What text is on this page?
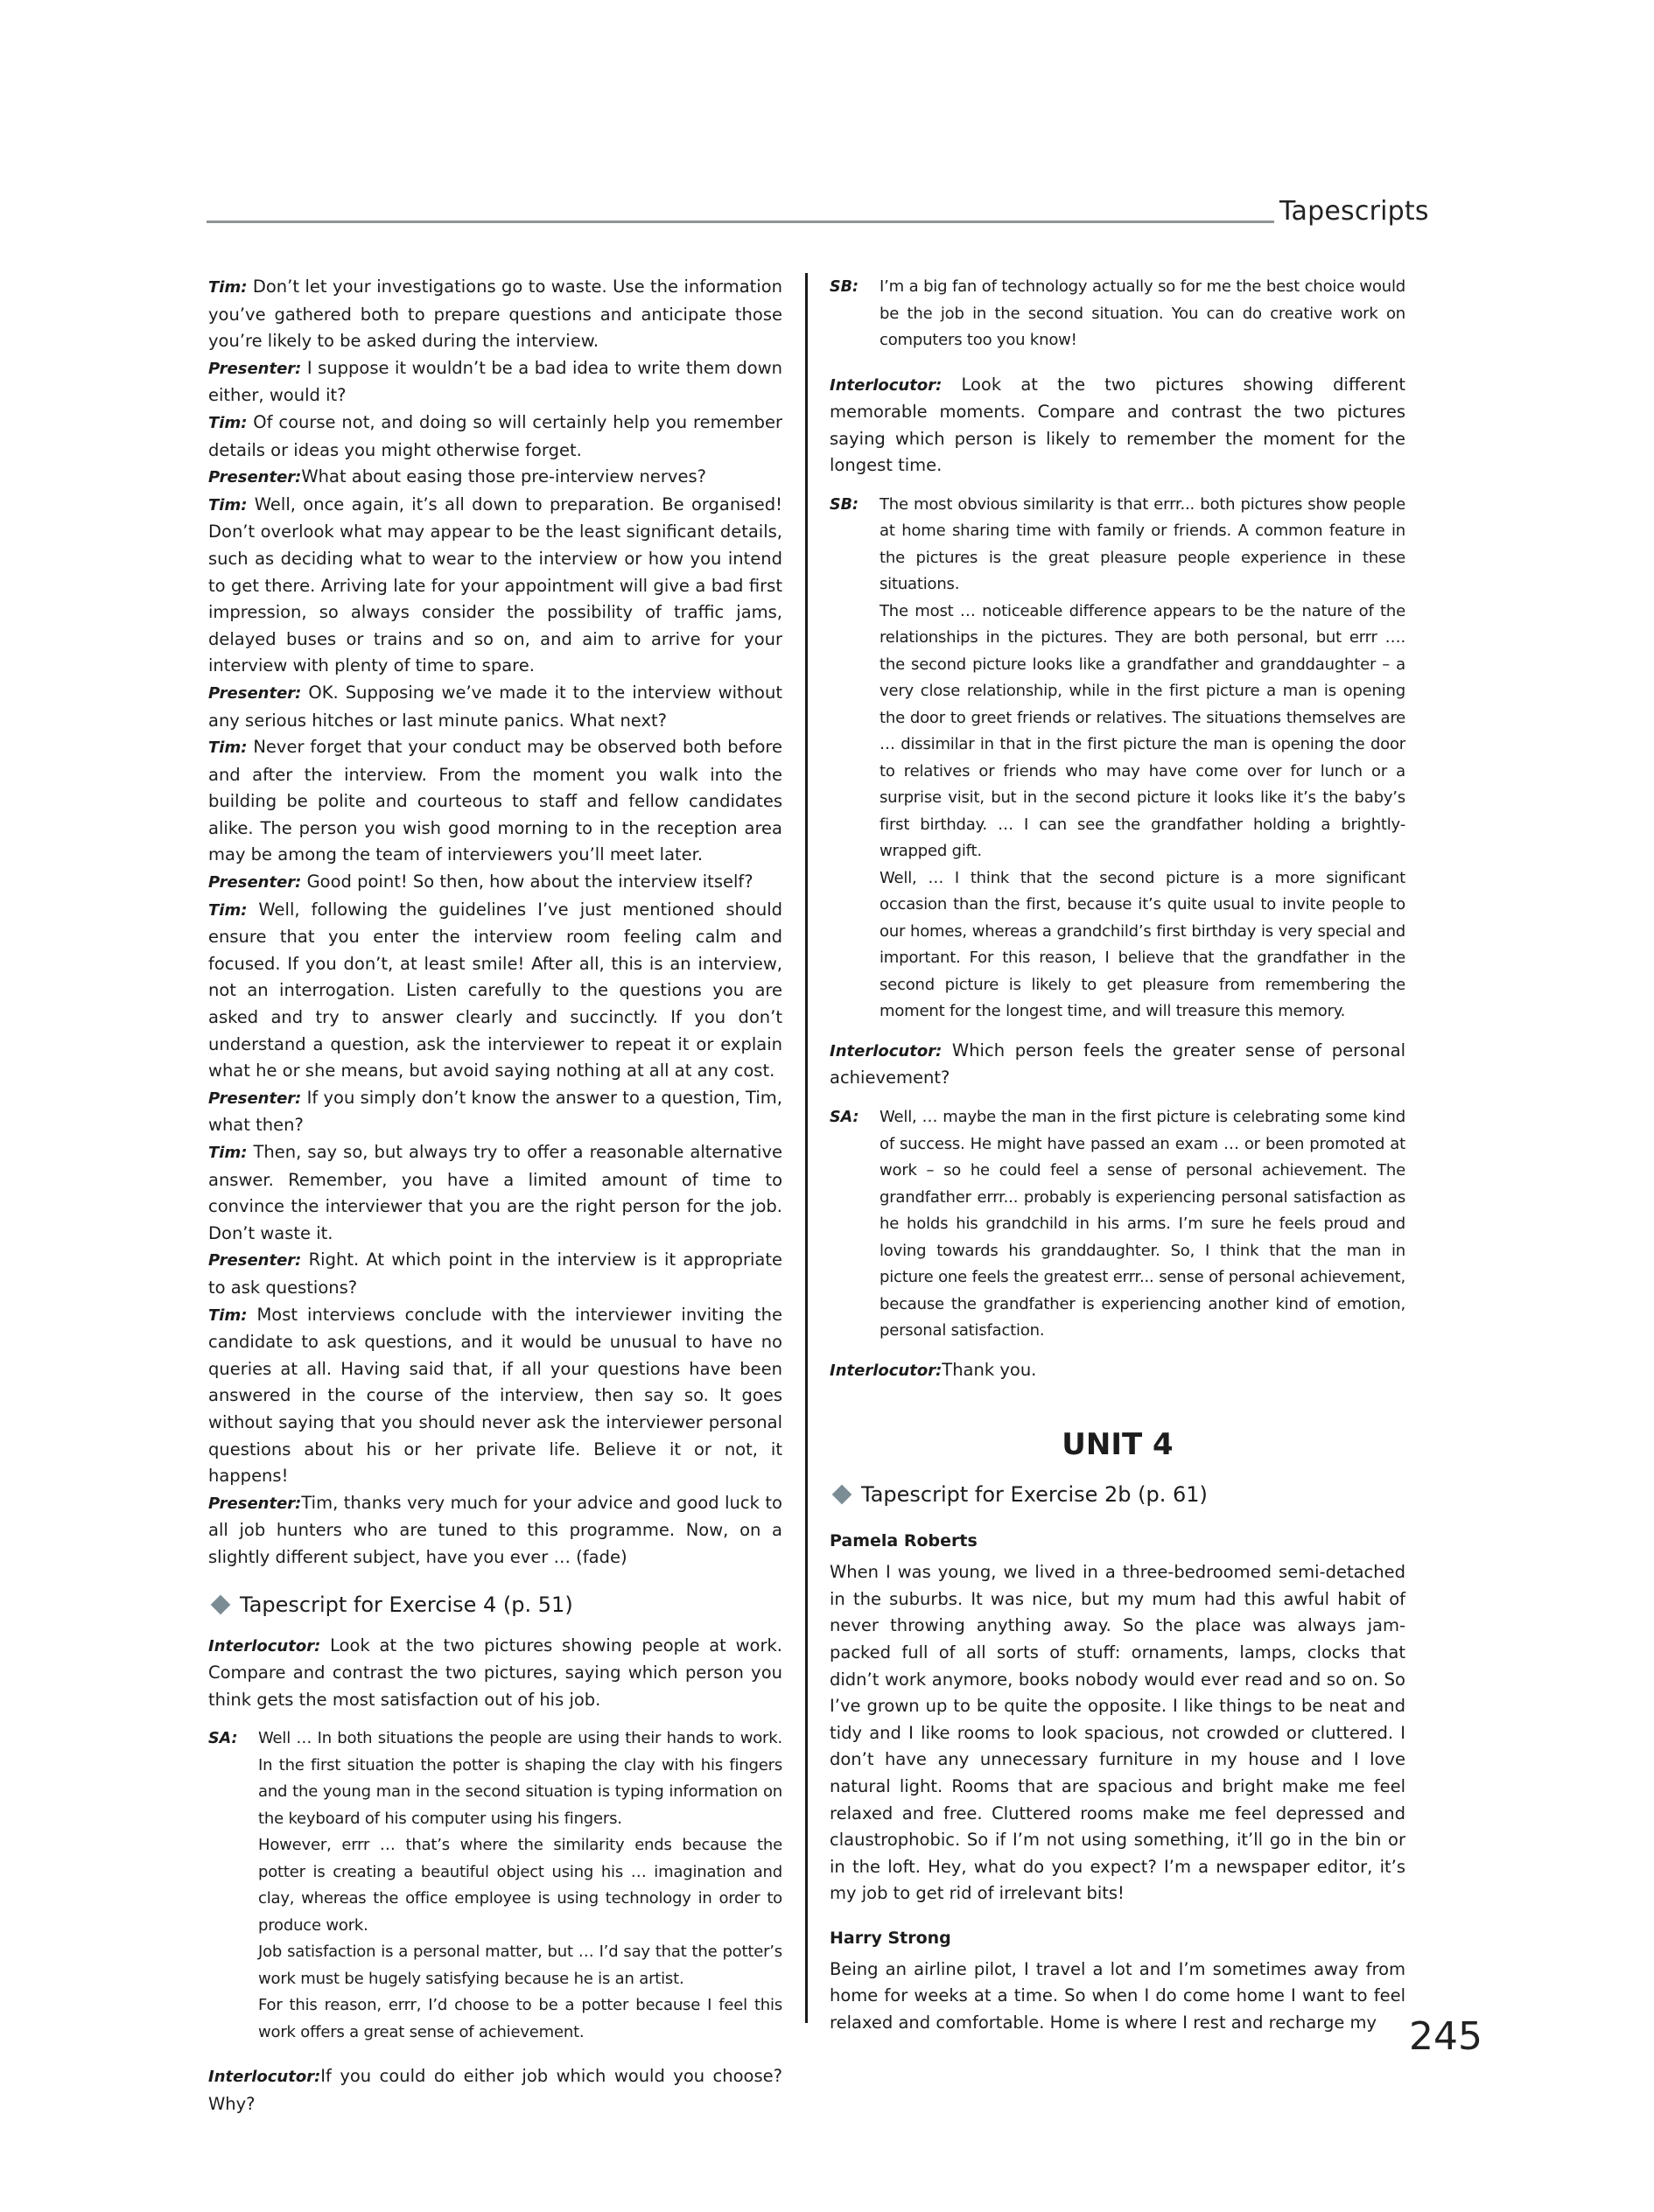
Tapescripts

Tim: Don’t let your investigations go to waste. Use the information you’ve gathered both to prepare questions and anticipate those you’re likely to be asked during the interview.

Presenter: I suppose it wouldn’t be a bad idea to write them down either, would it?

Tim: Of course not, and doing so will certainly help you remember details or ideas you might otherwise forget.

Presenter:What about easing those pre-interview nerves?

Tim: Well, once again, it’s all down to preparation. Be organised! Don’t overlook what may appear to be the least significant details, such as deciding what to wear to the interview or how you intend to get there. Arriving late for your appointment will give a bad first impression, so always consider the possibility of traffic jams, delayed buses or trains and so on, and aim to arrive for your interview with plenty of time to spare.

Presenter: OK. Supposing we’ve made it to the interview without any serious hitches or last minute panics. What next?

Tim: Never forget that your conduct may be observed both before and after the interview. From the moment you walk into the building be polite and courteous to staff and fellow candidates alike. The person you wish good morning to in the reception area may be among the team of interviewers you’ll meet later.

Presenter: Good point! So then, how about the interview itself?

Tim: Well, following the guidelines I’ve just mentioned should ensure that you enter the interview room feeling calm and focused. If you don’t, at least smile! After all, this is an interview, not an interrogation. Listen carefully to the questions you are asked and try to answer clearly and succinctly. If you don’t understand a question, ask the interviewer to repeat it or explain what he or she means, but avoid saying nothing at all at any cost.

Presenter: If you simply don’t know the answer to a question, Tim, what then?

Tim: Then, say so, but always try to offer a reasonable alternative answer. Remember, you have a limited amount of time to convince the interviewer that you are the right person for the job. Don’t waste it.

Presenter: Right. At which point in the interview is it appropriate to ask questions?

Tim: Most interviews conclude with the interviewer inviting the candidate to ask questions, and it would be unusual to have no queries at all. Having said that, if all your questions have been answered in the course of the interview, then say so. It goes without saying that you should never ask the interviewer personal questions about his or her private life. Believe it or not, it happens!

Presenter:Tim, thanks very much for your advice and good luck to all job hunters who are tuned to this programme. Now, on a slightly different subject, have you ever … (fade)

Tapescript for Exercise 4 (p. 51)

Interlocutor: Look at the two pictures showing people at work. Compare and contrast the two pictures, saying which person you think gets the most satisfaction out of his job.

SA:	Well … In both situations the people are using their hands to work. In the first situation the potter is shaping the clay with his fingers and the young man in the second situation is typing information on the keyboard of his computer using his fingers.

However, errr … that’s where the similarity ends because the potter is creating a beautiful object using his … imagination and clay, whereas the office employee is using technology in order to produce work.

Job satisfaction is a personal matter, but … I’d say that the potter’s work must be hugely satisfying because he is an artist.

For this reason, errr, I’d choose to be a potter because I feel this work offers a great sense of achievement.

Interlocutor:If you could do either job which would you choose? Why?

SB:	I’m a big fan of technology actually so for me the best choice would be the job in the second situation. You can do creative work on computers too you know!

Interlocutor: Look at the two pictures showing different memorable moments. Compare and contrast the two pictures saying which person is likely to remember the moment for the longest time.

SB:	The most obvious similarity is that errr... both pictures show people at home sharing time with family or friends. A common feature in the pictures is the great pleasure people experience in these situations.

The most … noticeable difference appears to be the nature of the relationships in the pictures. They are both personal, but errr …. the second picture looks like a grandfather and granddaughter – a very close relationship, while in the first picture a man is opening the door to greet friends or relatives. The situations themselves are … dissimilar in that in the first picture the man is opening the door to relatives or friends who may have come over for lunch or a surprise visit, but in the second picture it looks like it’s the baby’s first birthday. … I can see the grandfather holding a brightly-wrapped gift.

Well, … I think that the second picture is a more significant occasion than the first, because it’s quite usual to invite people to our homes, whereas a grandchild’s first birthday is very special and important. For this reason, I believe that the grandfather in the second picture is likely to get pleasure from remembering the moment for the longest time, and will treasure this memory.

Interlocutor: Which person feels the greater sense of personal achievement?

SA:	Well, … maybe the man in the first picture is celebrating some kind of success. He might have passed an exam … or been promoted at work – so he could feel a sense of personal achievement. The grandfather errr... probably is experiencing personal satisfaction as he holds his grandchild in his arms. I’m sure he feels proud and loving towards his granddaughter. So, I think that the man in picture one feels the greatest errr... sense of personal achievement, because the grandfather is experiencing another kind of emotion, personal satisfaction.

Interlocutor:Thank you.

UNIT 4

Tapescript for Exercise 2b (p. 61)

Pamela Roberts

When I was young, we lived in a three-bedroomed semi-detached in the suburbs. It was nice, but my mum had this awful habit of never throwing anything away. So the place was always jam-packed full of all sorts of stuff: ornaments, lamps, clocks that didn’t work anymore, books nobody would ever read and so on. So I’ve grown up to be quite the opposite. I like things to be neat and tidy and I like rooms to look spacious, not crowded or cluttered. I don’t have any unnecessary furniture in my house and I love natural light. Rooms that are spacious and bright make me feel relaxed and free. Cluttered rooms make me feel depressed and claustrophobic. So if I’m not using something, it’ll go in the bin or in the loft. Hey, what do you expect? I’m a newspaper editor, it’s my job to get rid of irrelevant bits!

Harry Strong

Being an airline pilot, I travel a lot and I’m sometimes away from home for weeks at a time. So when I do come home I want to feel relaxed and comfortable. Home is where I rest and recharge my 245
